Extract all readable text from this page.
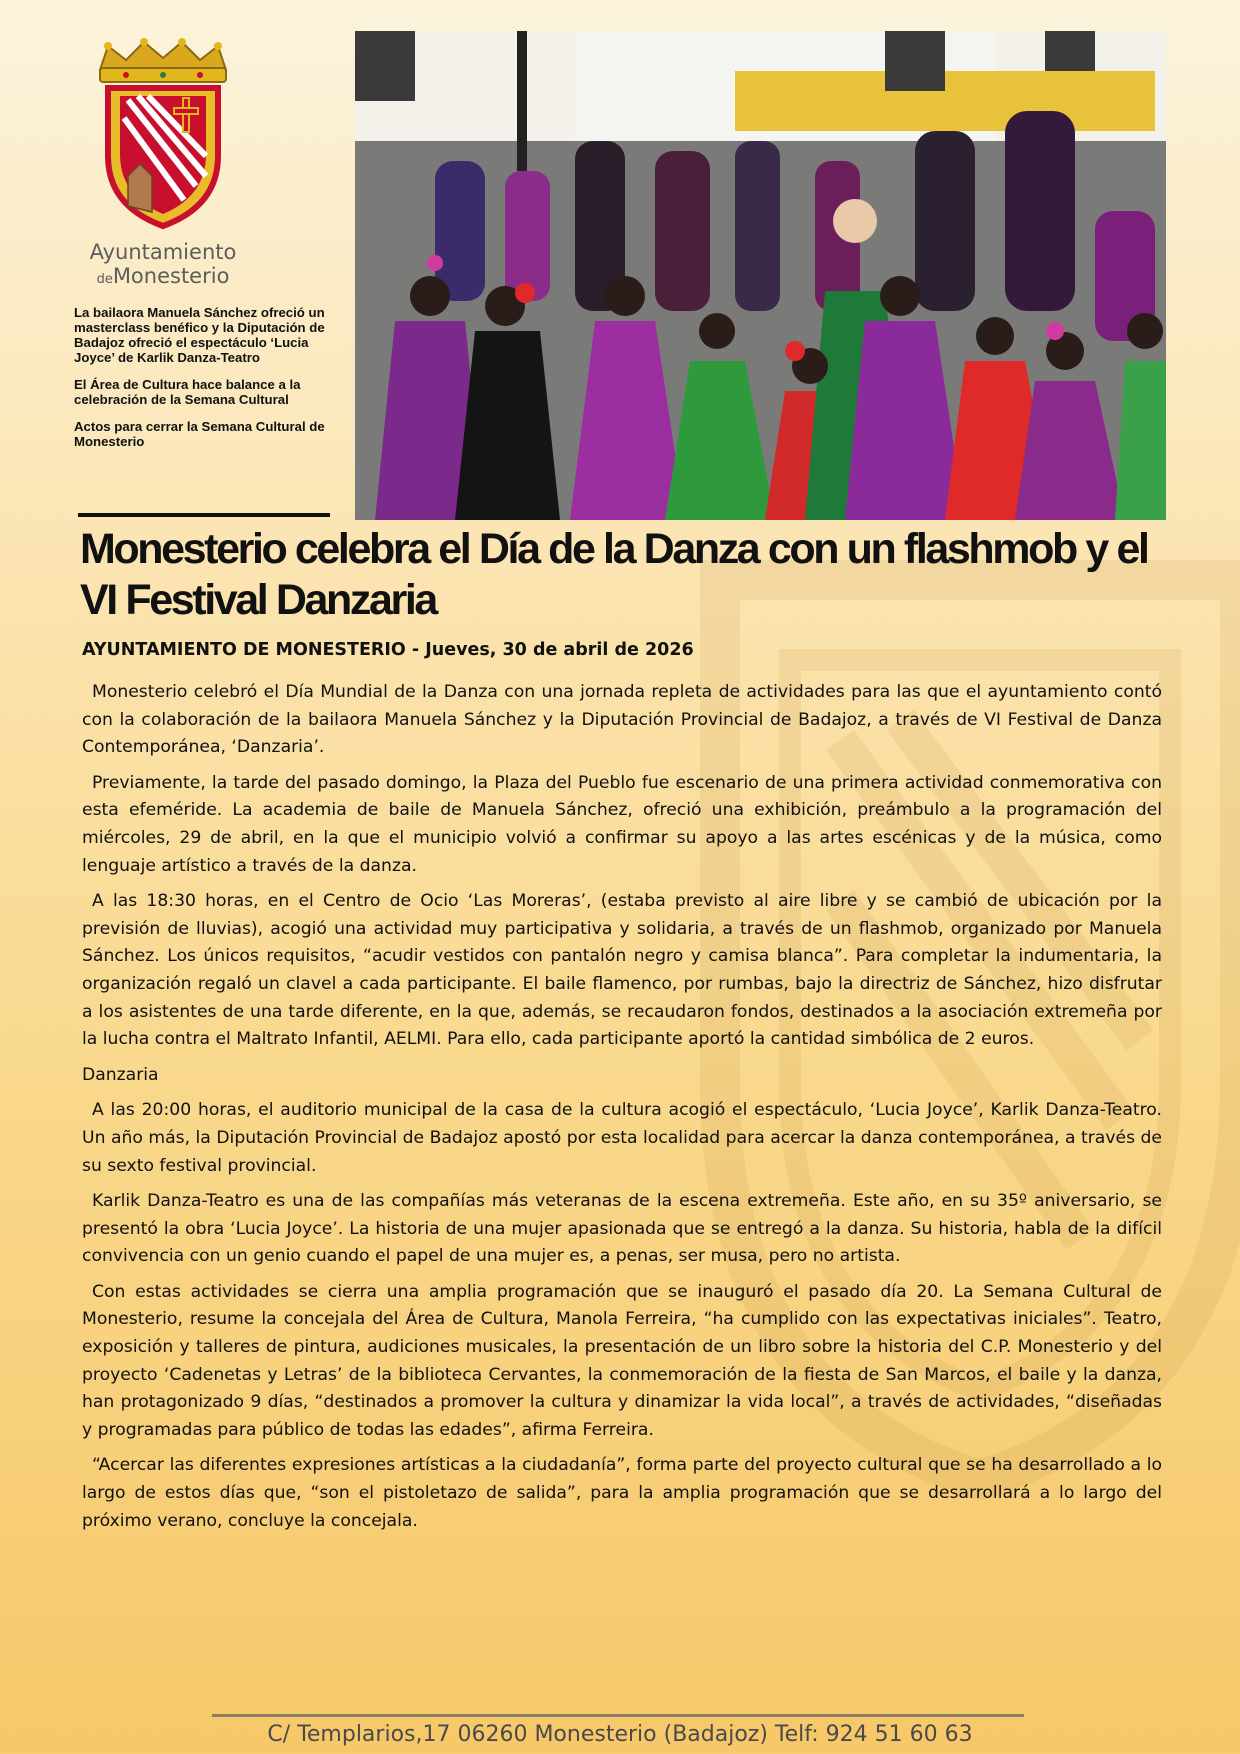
Ayuntamiento
deMonesterio

La bailaora Manuela Sánchez ofreció un masterclass benéfico y la Diputación de Badajoz ofreció el espectáculo ‘Lucia Joyce’ de Karlik Danza-Teatro

El Área de Cultura hace balance a la celebración de la Semana Cultural

Actos para cerrar la Semana Cultural de Monesterio

Monesterio celebra el Día de la Danza con un flashmob y el VI Festival Danzaria

AYUNTAMIENTO DE MONESTERIO - Jueves, 30 de abril de 2026

Monesterio celebró el Día Mundial de la Danza con una jornada repleta de actividades para las que el ayuntamiento contó con la colaboración de la bailaora Manuela Sánchez y la Diputación Provincial de Badajoz, a través de VI Festival de Danza Contemporánea, ‘Danzaria’.

Previamente, la tarde del pasado domingo, la Plaza del Pueblo fue escenario de una primera actividad conmemorativa con esta efeméride. La academia de baile de Manuela Sánchez, ofreció una exhibición, preámbulo a la programación del miércoles, 29 de abril, en la que el municipio volvió a confirmar su apoyo a las artes escénicas y de la música, como lenguaje artístico a través de la danza.

A las 18:30 horas, en el Centro de Ocio ‘Las Moreras’, (estaba previsto al aire libre y se cambió de ubicación por la previsión de lluvias), acogió una actividad muy participativa y solidaria, a través de un flashmob, organizado por Manuela Sánchez. Los únicos requisitos, “acudir vestidos con pantalón negro y camisa blanca”. Para completar la indumentaria, la organización regaló un clavel a cada participante. El baile flamenco, por rumbas, bajo la directriz de Sánchez, hizo disfrutar a los asistentes de una tarde diferente, en la que, además, se recaudaron fondos, destinados a la asociación extremeña por la lucha contra el Maltrato Infantil, AELMI. Para ello, cada participante aportó la cantidad simbólica de 2 euros.

Danzaria

A las 20:00 horas, el auditorio municipal de la casa de la cultura acogió el espectáculo, ‘Lucia Joyce’, Karlik Danza-Teatro. Un año más, la Diputación Provincial de Badajoz apostó por esta localidad para acercar la danza contemporánea, a través de su sexto festival provincial.

Karlik Danza-Teatro es una de las compañías más veteranas de la escena extremeña. Este año, en su 35º aniversario, se presentó la obra ‘Lucia Joyce’. La historia de una mujer apasionada que se entregó a la danza. Su historia, habla de la difícil convivencia con un genio cuando el papel de una mujer es, a penas, ser musa, pero no artista.

Con estas actividades se cierra una amplia programación que se inauguró el pasado día 20. La Semana Cultural de Monesterio, resume la concejala del Área de Cultura, Manola Ferreira, “ha cumplido con las expectativas iniciales”. Teatro, exposición y talleres de pintura, audiciones musicales, la presentación de un libro sobre la historia del C.P. Monesterio y del proyecto ‘Cadenetas y Letras’ de la biblioteca Cervantes, la conmemoración de la fiesta de San Marcos, el baile y la danza, han protagonizado 9 días, “destinados a promover la cultura y dinamizar la vida local”, a través de actividades, “diseñadas y programadas para público de todas las edades”, afirma Ferreira.

“Acercar las diferentes expresiones artísticas a la ciudadanía”, forma parte del proyecto cultural que se ha desarrollado a lo largo de estos días que, “son el pistoletazo de salida”, para la amplia programación que se desarrollará a lo largo del próximo verano, concluye la concejala.

C/ Templarios,17 06260 Monesterio (Badajoz) Telf: 924 51 60 63
